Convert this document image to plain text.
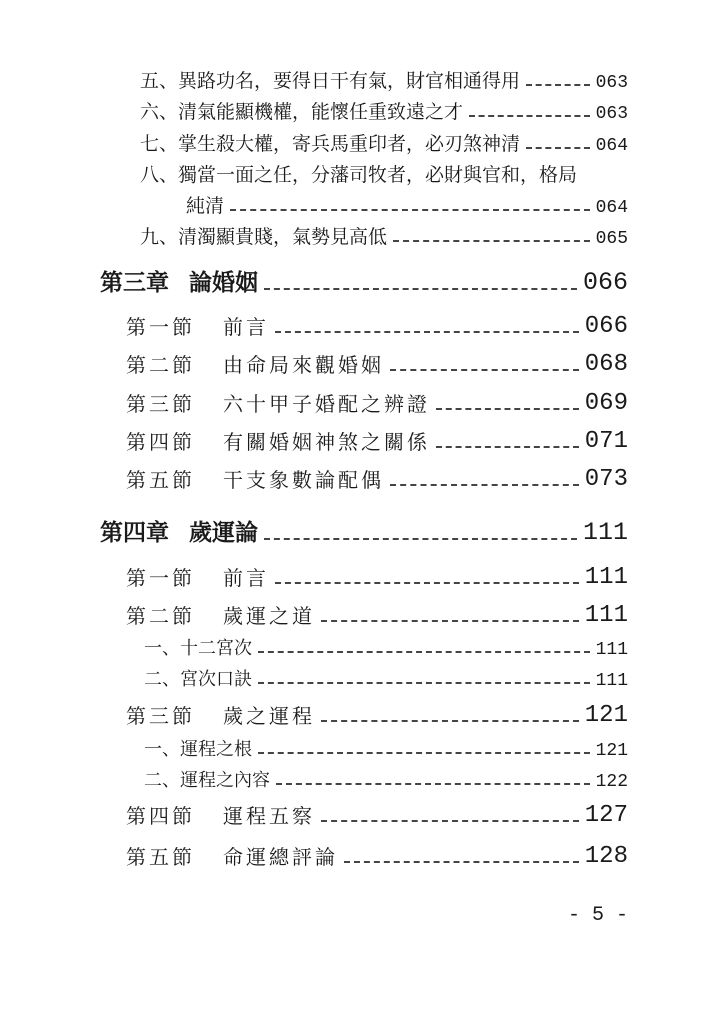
五、異路功名，要得日干有氣，財官相通得用	063
六、清氣能顯機權，能懷任重致遠之才	063
七、掌生殺大權，寄兵馬重印者，必刃煞神清	064
八、獨當一面之任，分藩司牧者，必財與官和，格局
純清	064
九、清濁顯貴賤，氣勢見高低	065
第三章 論婚姻	066
第一節 前言	066
第二節 由命局來觀婚姻	068
第三節 六十甲子婚配之辨證	069
第四節 有關婚姻神煞之關係	071
第五節 干支象數論配偶	073
第四章 歲運論	111
第一節 前言	111
第二節 歲運之道	111
一、十二宮次	111
二、宮次口訣	111
第三節 歲之運程	121
一、運程之根	121
二、運程之內容	122
第四節 運程五察	127
第五節 命運總評論	128
- 5 -
